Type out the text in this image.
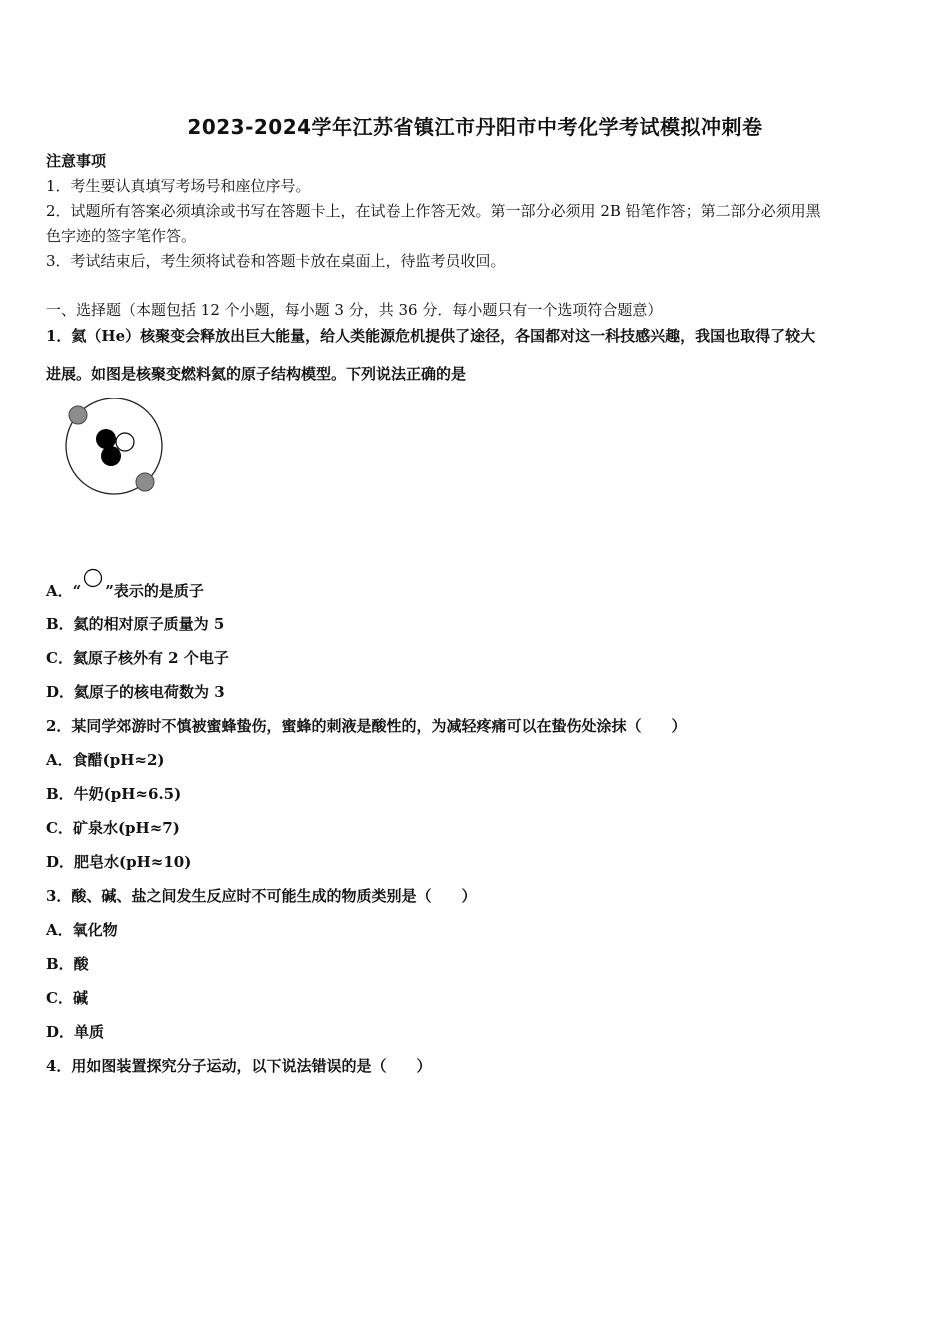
2023-2024学年江苏省镇江市丹阳市中考化学考试模拟冲刺卷
注意事项
1．考生要认真填写考场号和座位序号。
2．试题所有答案必须填涂或书写在答题卡上，在试卷上作答无效。第一部分必须用 2B 铅笔作答；第二部分必须用黑
色字迹的签字笔作答。
3．考试结束后，考生须将试卷和答题卡放在桌面上，待监考员收回。
一、选择题（本题包括 12 个小题，每小题 3 分，共 36 分．每小题只有一个选项符合题意）
1．氦（He）核聚变会释放出巨大能量，给人类能源危机提供了途径，各国都对这一科技感兴趣，我国也取得了较大
进展。如图是核聚变燃料氦的原子结构模型。下列说法正确的是
A．“ ”表示的是质子
B．氦的相对原子质量为 5
C．氦原子核外有 2 个电子
D．氦原子的核电荷数为 3
2．某同学郊游时不慎被蜜蜂蛰伤，蜜蜂的刺液是酸性的，为减轻疼痛可以在蛰伤处涂抹（　　）
A．食醋(pH≈2)
B．牛奶(pH≈6.5)
C．矿泉水(pH≈7)
D．肥皂水(pH≈10)
3．酸、碱、盐之间发生反应时不可能生成的物质类别是（　　）
A．氧化物
B．酸
C．碱
D．单质
4．用如图装置探究分子运动，以下说法错误的是（　　）
